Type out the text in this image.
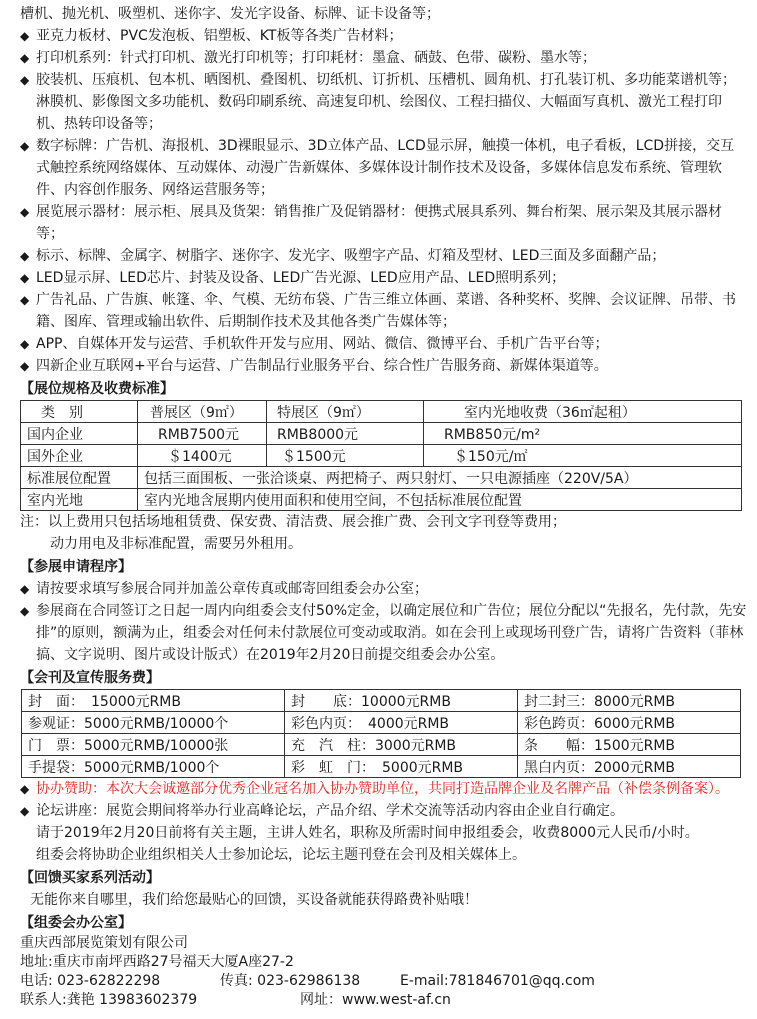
槽机、抛光机、吸塑机、迷你字、发光字设备、标牌、证卡设备等；
◆ 亚克力板材、PVC发泡板、铝塑板、KT板等各类广告材料；
◆ 打印机系列：针式打印机、激光打印机等；打印耗材：墨盒、硒鼓、色带、碳粉、墨水等；
◆ 胶装机、压痕机、包本机、晒图机、叠图机、切纸机、订折机、压槽机、圆角机、打孔装订机、多功能菜谱机等；淋膜机、影像图文多功能机、数码印刷系统、高速复印机、绘图仪、工程扫描仪、大幅面写真机、激光工程打印机、热转印设备等；
◆ 数字标牌：广告机、海报机、3D裸眼显示、3D立体产品、LCD显示屏，触摸一体机，电子看板，LCD拼接，交互式触控系统网络媒体、互动媒体、动漫广告新媒体、多媒体设计制作技术及设备，多媒体信息发布系统、管理软件、内容创作服务、网络运营服务等；
◆ 展览展示器材：展示柜、展具及货架：销售推广及促销器材：便携式展具系列、舞台桁架、展示架及其展示器材等；
◆ 标示、标牌、金属字、树脂字、迷你字、发光字、吸塑字产品、灯箱及型材、LED三面及多面翻产品；
◆ LED显示屏、LED芯片、封装及设备、LED广告光源、LED应用产品、LED照明系列；
◆ 广告礼品、广告旗、帐篷、伞、气模、无纺布袋、广告三维立体画、菜谱、各种奖杯、奖牌、会议证牌、吊带、书籍、图库、管理或输出软件、后期制作技术及其他各类广告媒体等；
◆ APP、自媒体开发与运营、手机软件开发与应用、网站、微信、微博平台、手机广告平台等；
◆ 四新企业互联网+平台与运营、广告制品行业服务平台、综合性广告服务商、新媒体渠道等。
【展位规格及收费标准】
类　别	普展区（9㎡）	特展区（9㎡）	室内光地收费（36㎡起租）
国内企业	RMB7500元	RMB8000元	RMB850元/m²
国外企业	＄1400元	＄1500元	＄150元/㎡
标准展位配置	包括三面围板、一张洽谈桌、两把椅子、两只射灯、一只电源插座（220V/5A）		
室内光地	室内光地含展期内使用面积和使用空间，不包括标准展位配置		
注：以上费用只包括场地租赁费、保安费、清洁费、展会推广费、会刊文字刊登等费用；
动力用电及非标准配置，需要另外租用。
【参展申请程序】
◆ 请按要求填写参展合同并加盖公章传真或邮寄回组委会办公室；
◆ 参展商在合同签订之日起一周内向组委会支付50%定金，以确定展位和广告位；展位分配以“先报名，先付款，先安排”的原则，额满为止，组委会对任何未付款展位可变动或取消。如在会刊上或现场刊登广告，请将广告资料（菲林搞、文字说明、图片或设计版式）在2019年2月20日前提交组委会办公室。
【会刊及宣传服务费】
封　面：　15000元RMB	封　　底：10000元RMB	封二封三：8000元RMB
参观证：5000元RMB/10000个	彩色内页：　4000元RMB	彩色跨页：6000元RMB
门　票：5000元RMB/10000张	充　汽　柱：3000元RMB	条　　幅：1500元RMB
手提袋：5000元RMB/1000个	彩　虹　门：　5000元RMB	黑白内页：2000元RMB
◆ 协办赞助：本次大会诚邀部分优秀企业冠名加入协办赞助单位，共同打造品牌企业及名牌产品（补偿条例备案）。
◆ 论坛讲座：展览会期间将举办行业高峰论坛，产品介绍、学术交流等活动内容由企业自行确定。
请于2019年2月20日前将有关主题，主讲人姓名，职称及所需时间申报组委会，收费8000元人民币/小时。
组委会将协助企业组织相关人士参加论坛，论坛主题刊登在会刊及相关媒体上。
【回馈买家系列活动】
无能你来自哪里，我们给您最贴心的回馈，买设备就能获得路费补贴哦！
【组委会办公室】
重庆西部展览策划有限公司
地址:重庆市南坪西路27号福天大厦A座27-2
电话: 023-62822298	传真: 023-62986138	E-mail:781846701@qq.com
联系人:龚艳 13983602379	网址：www.west-af.cn
